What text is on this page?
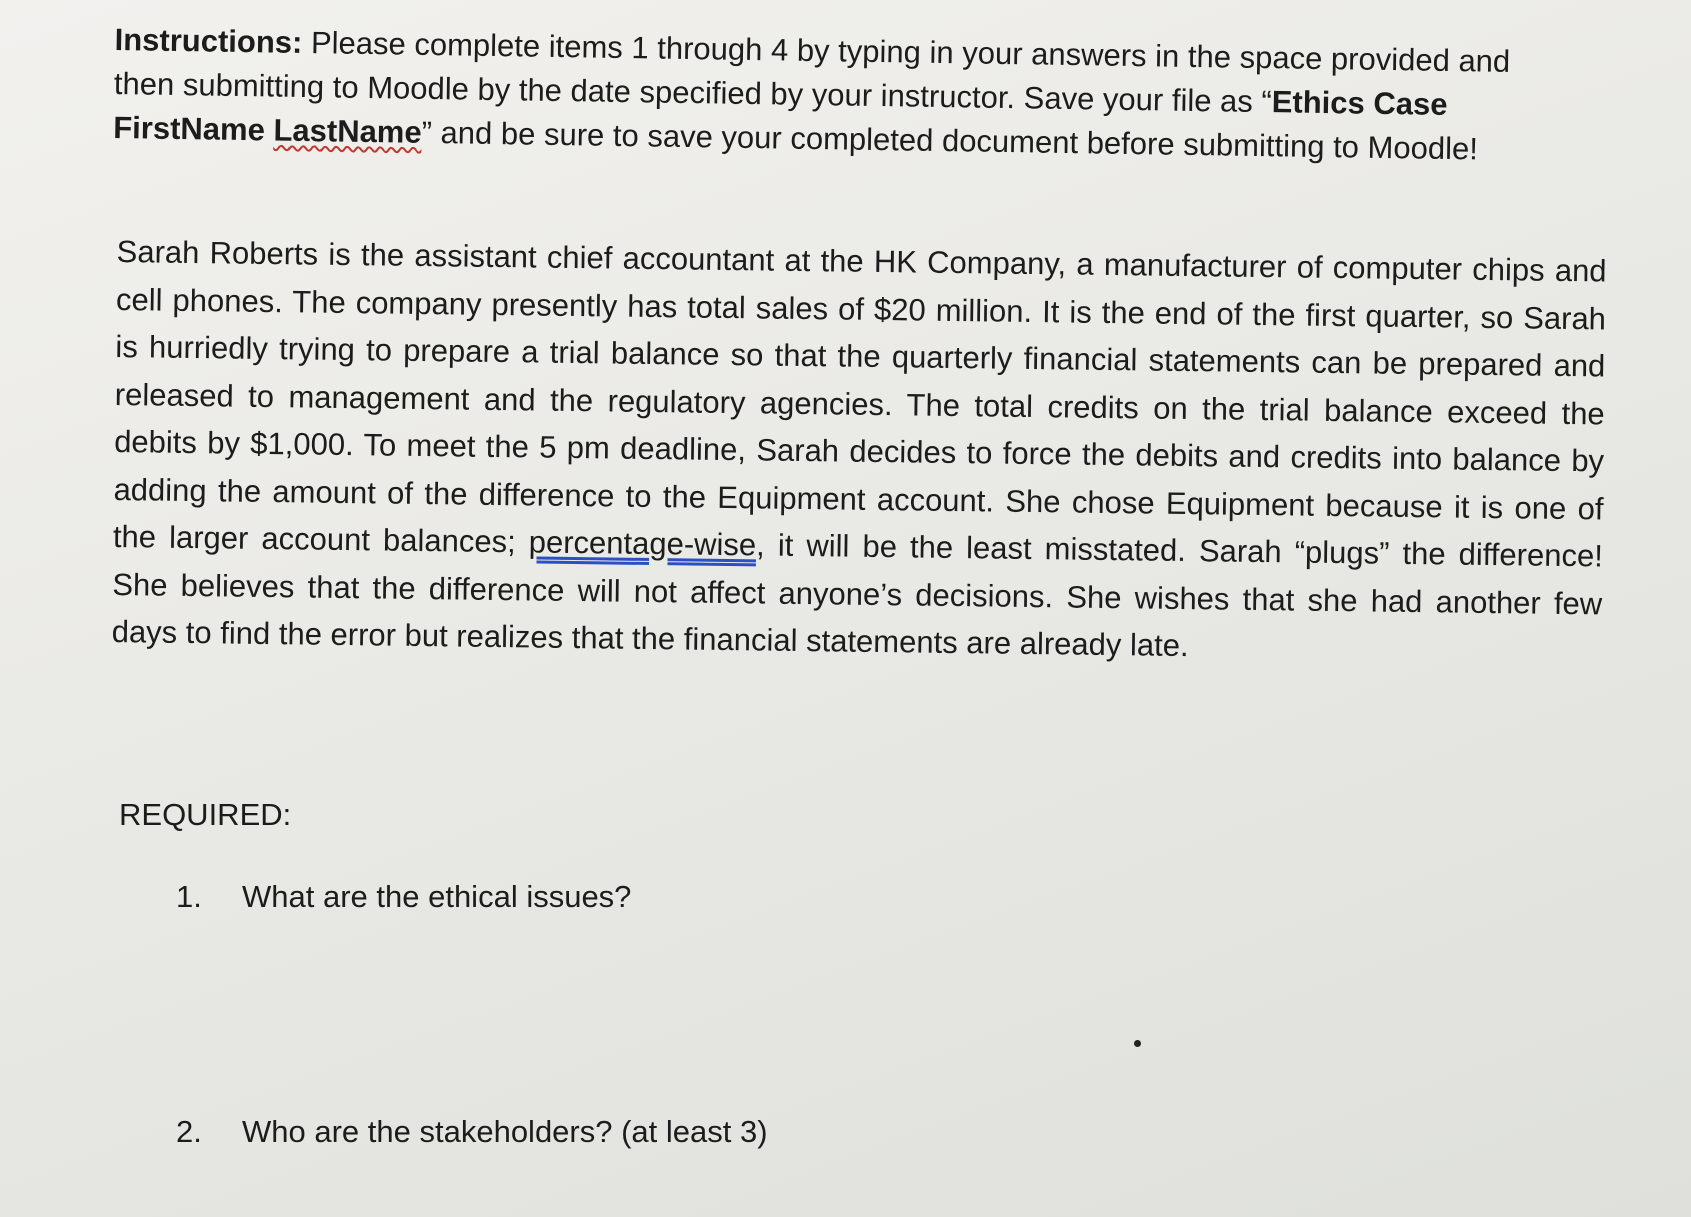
Instructions: Please complete items 1 through 4 by typing in your answers in the space provided and then submitting to Moodle by the date specified by your instructor. Save your file as “Ethics Case FirstName LastName” and be sure to save your completed document before submitting to Moodle!
Sarah Roberts is the assistant chief accountant at the HK Company, a manufacturer of computer chips and cell phones. The company presently has total sales of $20 million. It is the end of the first quarter, so Sarah is hurriedly trying to prepare a trial balance so that the quarterly financial statements can be prepared and released to management and the regulatory agencies. The total credits on the trial balance exceed the debits by $1,000. To meet the 5 pm deadline, Sarah decides to force the debits and credits into balance by adding the amount of the difference to the Equipment account. She chose Equipment because it is one of the larger account balances; percentage-wise, it will be the least misstated. Sarah “plugs” the difference! She believes that the difference will not affect anyone’s decisions. She wishes that she had another few days to find the error but realizes that the financial statements are already late.
REQUIRED:
1. What are the ethical issues?
2. Who are the stakeholders? (at least 3)
